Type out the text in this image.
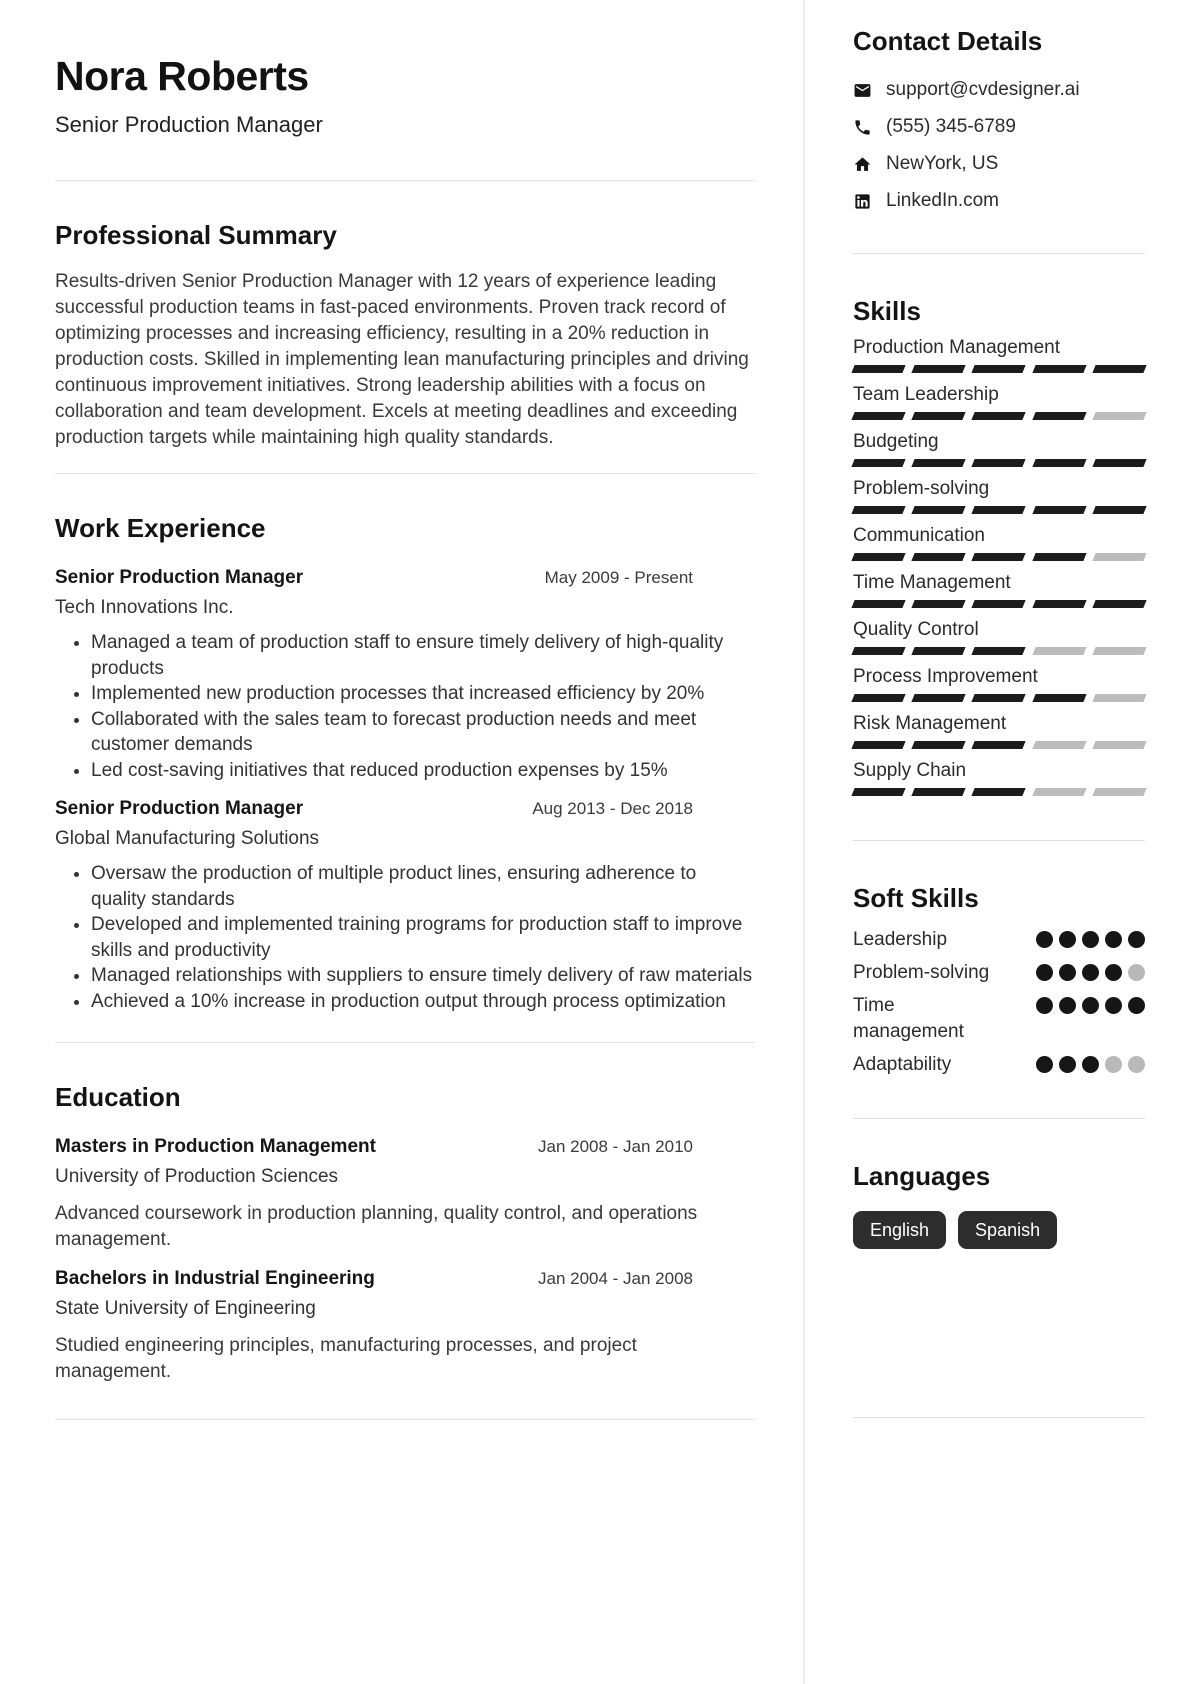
Nora Roberts
Senior Production Manager
Professional Summary

Results-driven Senior Production Manager with 12 years of experience leading successful production teams in fast-paced environments. Proven track record of optimizing processes and increasing efficiency, resulting in a 20% reduction in production costs. Skilled in implementing lean manufacturing principles and driving continuous improvement initiatives. Strong leadership abilities with a focus on collaboration and team development. Excels at meeting deadlines and exceeding production targets while maintaining high quality standards.

Work Experience
Senior Production Manager	May 2009 - Present
Tech Innovations Inc.
• Managed a team of production staff to ensure timely delivery of high-quality products
• Implemented new production processes that increased efficiency by 20%
• Collaborated with the sales team to forecast production needs and meet customer demands
• Led cost-saving initiatives that reduced production expenses by 15%
Senior Production Manager	Aug 2013 - Dec 2018
Global Manufacturing Solutions
• Oversaw the production of multiple product lines, ensuring adherence to quality standards
• Developed and implemented training programs for production staff to improve skills and productivity
• Managed relationships with suppliers to ensure timely delivery of raw materials
• Achieved a 10% increase in production output through process optimization
Education
Masters in Production Management	Jan 2008 - Jan 2010
University of Production Sciences

Advanced coursework in production planning, quality control, and operations management.

Bachelors in Industrial Engineering	Jan 2004 - Jan 2008
State University of Engineering

Studied engineering principles, manufacturing processes, and project management.

Contact Details
support@cvdesigner.ai
(555) 345-6789
NewYork, US
LinkedIn.com
Skills
Production Management
Team Leadership
Budgeting
Problem-solving
Communication
Time Management
Quality Control
Process Improvement
Risk Management
Supply Chain
Soft Skills
Leadership
Problem-solving
Time management
Adaptability
Languages
English	Spanish
